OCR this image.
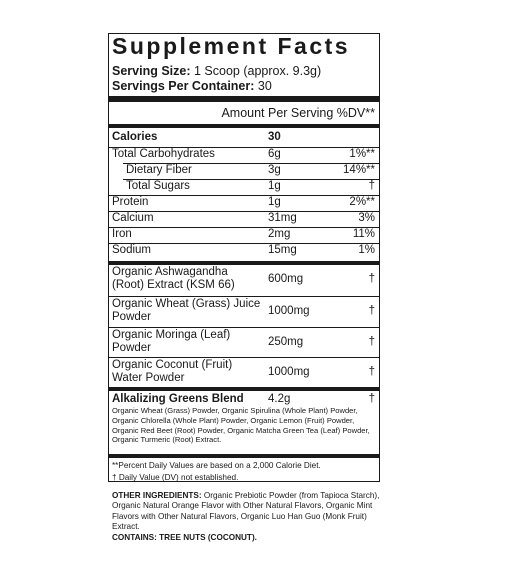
Supplement Facts
Serving Size: 1 Scoop (approx. 9.3g)
Servings Per Container: 30
Amount Per Serving %DV**
Calories	30
Total Carbohydrates	6g	1%**
Dietary Fiber	3g	14%**
Total Sugars	1g	†
Protein	1g	2%**
Calcium	31mg	3%
Iron	2mg	11%
Sodium	15mg	1%
Organic Ashwagandha (Root) Extract (KSM 66)	600mg	†
Organic Wheat (Grass) Juice Powder	1000mg	†
Organic Moringa (Leaf) Powder	250mg	†
Organic Coconut (Fruit) Water Powder	1000mg	†
Alkalizing Greens Blend 4.2g	†
Organic Wheat (Grass) Powder, Organic Spirulina (Whole Plant) Powder, Organic Chlorella (Whole Plant) Powder, Organic Lemon (Fruit) Powder, Organic Red Beet (Root) Powder, Organic Matcha Green Tea (Leaf) Powder, Organic Turmeric (Root) Extract.
**Percent Daily Values are based on a 2,000 Calorie Diet.
† Daily Value (DV) not established.
OTHER INGREDIENTS: Organic Prebiotic Powder (from Tapioca Starch), Organic Natural Orange Flavor with Other Natural Flavors, Organic Mint Flavors with Other Natural Flavors, Organic Luo Han Guo (Monk Fruit) Extract.
CONTAINS: TREE NUTS (COCONUT).
